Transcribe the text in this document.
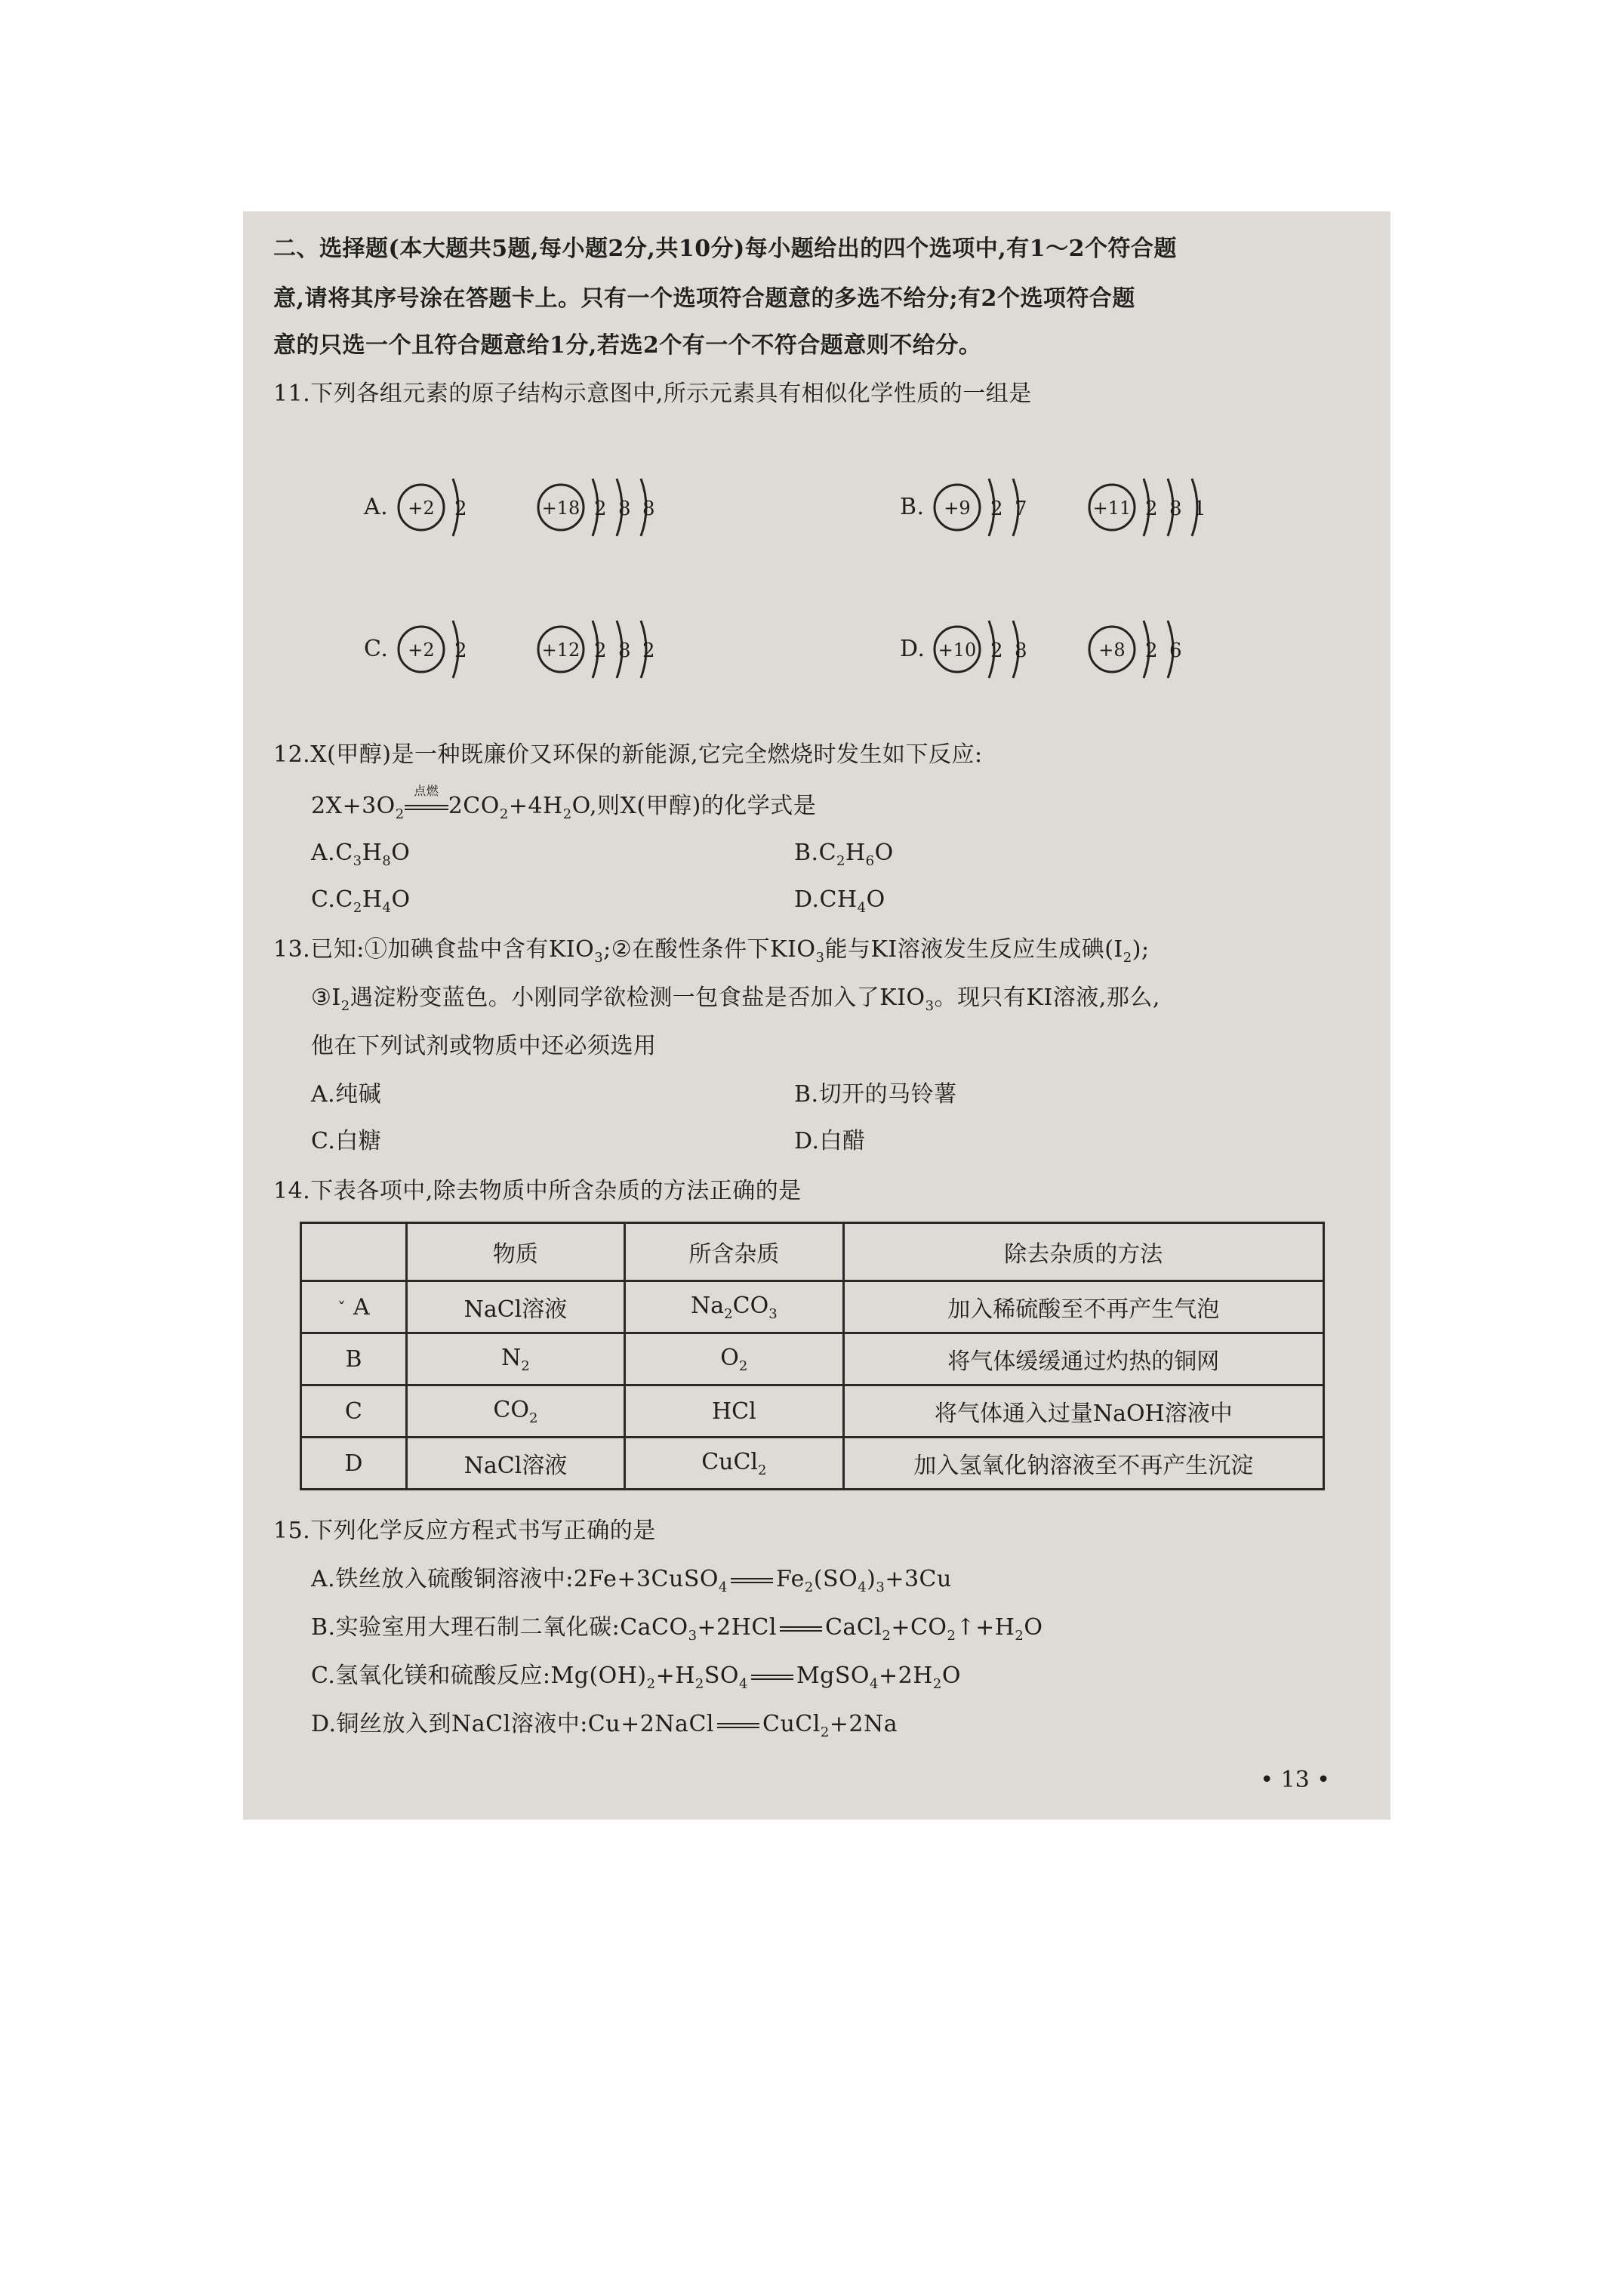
二、选择题(本大题共5题,每小题2分,共10分)每小题给出的四个选项中,有1～2个符合题
意,请将其序号涂在答题卡上。只有一个选项符合题意的多选不给分;有2个选项符合题
意的只选一个且符合题意给1分,若选2个有一个不符合题意则不给分。
11.下列各组元素的原子结构示意图中,所示元素具有相似化学性质的一组是
12.X(甲醇)是一种既廉价又环保的新能源,它完全燃烧时发生如下反应:
$2X+3O_2$
点燃
$2CO_2+4H_2O$,则X(甲醇)的化学式是
$A.C_3H_8O$	$B.C_2H_6O$
$C.C_2H_4O$	$D.CH_4O$
13.已知:①加碘食盐中含有$KIO_3;②$在酸性条件下$KIO_3$能与KI溶液发生反应生成碘$(I_2)$;
$③I_2$遇淀粉变蓝色。小刚同学欲检测一包食盐是否加入了$KIO_3$。现只有KI溶液,那么,
他在下列试剂或物质中还必须选用
A.纯碱	B.切开的马铃薯
C.白糖	D.白醋
14.下表各项中,除去物质中所含杂质的方法正确的是
	物质	所含杂质	除去杂质的方法
ˇ A	NaCl溶液	$Na_2CO_3$	加入稀硫酸至不再产生气泡
B	$N_2$	$O_2$	将气体缓缓通过灼热的铜网
C	$CO_2$	HCl	将气体通入过量NaOH溶液中
D	NaCl溶液	CuCl$_2$	加入氢氧化钠溶液至不再产生沉淀
15.下列化学反应方程式书写正确的是
A.铁丝放入硫酸铜溶液中:2Fe+3CuSO$_4$ $Fe_2(SO_4)_3+3Cu$
B.实验室用大理石制二氧化碳:CaCO$_3$+2HCl $CaCl_2+CO_2↑+H_2O$
C.氢氧化镁和硫酸反应$:Mg(OH)_2+H_2SO_4$ $MgSO_4+2H_2O$
D.铜丝放入到NaCl溶液中:Cu+2NaCl CuCl$_2$+2Na
• 13 •
A.	B.
C.	D.
+2 2	+18 2 8 8	+9 2 7	+11 2 8 1
+2 2	+12 2 8 2	+10 2 8	+8 2 6
